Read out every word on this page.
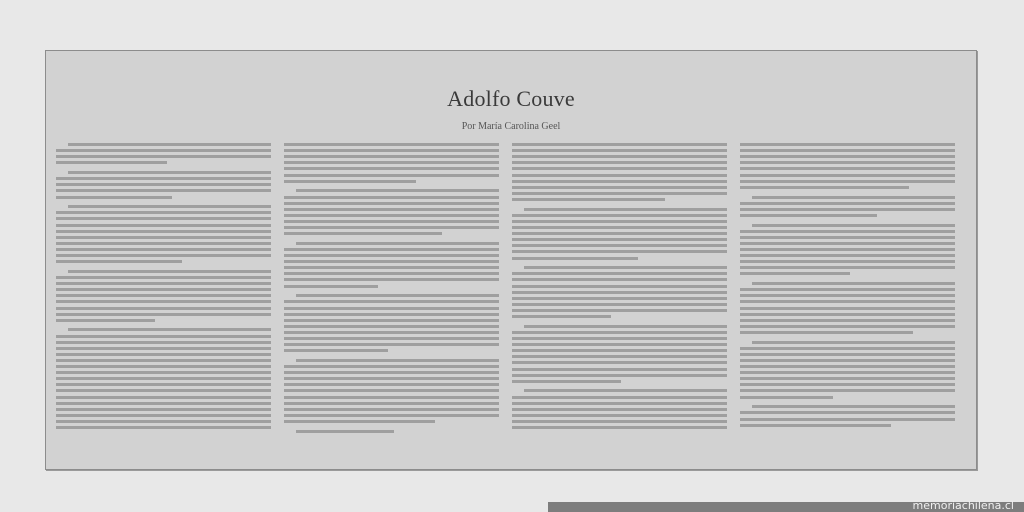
Adolfo Couve
Por María Carolina Geel
memoriachilena.cl
